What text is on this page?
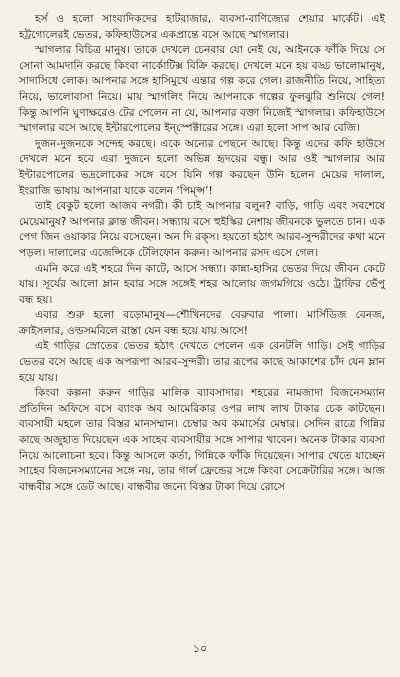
হর্স ও হলো সাংবাদিকদের হাটবাজার, ব্যবসা-বাণিজ্যের শেয়ার মার্কেট। এই হট্টগোলেরই ভেতর, কফিহাউসের একপ্রান্তে বসে আছে স্মাগলার।

স্মাগলার বিচিত্র মানুষ। তাকে দেখলে চেনবার যো নেই যে, আইনকে ফাঁকি দিয়ে সে সোনা আমদানি করছে কিংবা নার্কোটিক্স বিক্রি করছে। দেখলে মনে হয় বড্ড ভালোমানুষ, সাদাসিধে লোক। আপনার সঙ্গে হাসিমুখে এন্তার গল্প করে গেল। রাজনীতি নিয়ে, সাহিত্য নিয়ে, ভালোবাসা নিয়ে। মায় স্মাগলিং নিয়ে আপনাকে গল্পের ফুলঝুরি শুনিয়ে গেল! কিন্তু আপনি ঘুণাক্ষরেও টের পেলেন না যে, আপনার বক্তা নিজেই স্মাগলার। কফিহাউসে স্মাগলার বসে আছে ইন্টারপোলের ইন্‌স্পেক্টারের সঙ্গে। এরা হলো সাপ আর বেজি।

দুজন-দুজনকে সন্দেহ করছে। একে অন্যের পেছনে আছে। কিন্তু এদের কফি হাউসে দেখলে মনে হবে এরা দুজনে হলো অভিন্ন হৃদয়ের বন্ধু। আর ওই স্মাগলার আর ইন্টারপোলের ভদ্রলোকের সঙ্গে বসে যিনি গল্প করছেন উনি হলেন মেয়ের দালাল, ইংরাজি ভাষায় আপনারা যাকে বলেন ‘পিম্‌প্স’!

তাই বেকুট হলো আজব নগরী। কী চাই আপনার বলুন? বাড়ি, গাড়ি এবং সবশেষে মেয়েমানুষ? আপনার ক্লান্ত জীবন। সন্ধ্যায় বসে হুইস্কির নেশায় জীবনকে ভুলতে চান। এক পেগ জিন ওয়াকার নিয়ে বসেছেন। অন দি রক্‌স। হয়তো হঠাৎ আরব-সুন্দরীদের কথা মনে পড়ল। দালালের এজেন্সিকে টেলিফোন করুন। আপনার রসদ এসে গেল।

এমনি করে এই শহরে দিন কাটে, আসে সন্ধ্যা। কান্না-হাসির ভেতর দিয়ে জীবন কেটে যায়। সূর্যের আলো ম্লান হবার সঙ্গে সঙ্গেই শহর আলোয় জগমগিয়ে ওঠে। ট্রাফির ভেঁপু বন্ধ হয়।

এবার শুরু হলো বড়োমানুষ—শৌখিনদের বেরুবার পালা। মার্সিডিজ বেনজ, ক্রাইসলার, ওল্ডসমবিলে রাস্তা যেন বন্ধ হয়ে যায় আসে!

এই গাড়ির স্রোতের ভেতর হঠাৎ দেখতে পেলেন এক বেনটলি গাড়ি। সেই গাড়ির ভেতর বসে আছে এক অপরূপা আরব-সুন্দরী। তার রূপের কাছে আকাশের চাঁদ যেন ম্লান হয়ে যায়।

কিংবা কল্পনা করুন গাড়ির মালিক ব্যাবসাদার। শহরের নামজাদা বিজনেসম্যান প্রতিদিন অফিসে বসে ব্যাংক অব আমেরিকার ওপর লাখ লাখ টাকার চেক কাটছেন। ব্যবসায়ী মহলে তার বিস্তর মানসম্মান। চেম্বার অব কমার্সের মেম্বার। সেদিন রাত্রে গিন্নির কাছে অজুহাত দিয়েছেন এক সাহেব ব্যবসায়ীর সঙ্গে সাপার খাবেন। অনেক টাকার ব্যবসা নিয়ে আলোচনা হবে। কিন্তু আসলে কর্তা, গিন্নিকে ফাঁকি দিয়েছেন। সাপার খেতে যাচ্ছেন সাহেব বিজনেসম্যানের সঙ্গে নয়, তার গার্ল ফ্রেন্ডের সঙ্গে কিংবা সেক্রেটারির সঙ্গে। আজ বান্ধবীর সঙ্গে ডেট আছে। বান্ধবীর জন্যে বিস্তর টাকা দিয়ে রোসে

১০
